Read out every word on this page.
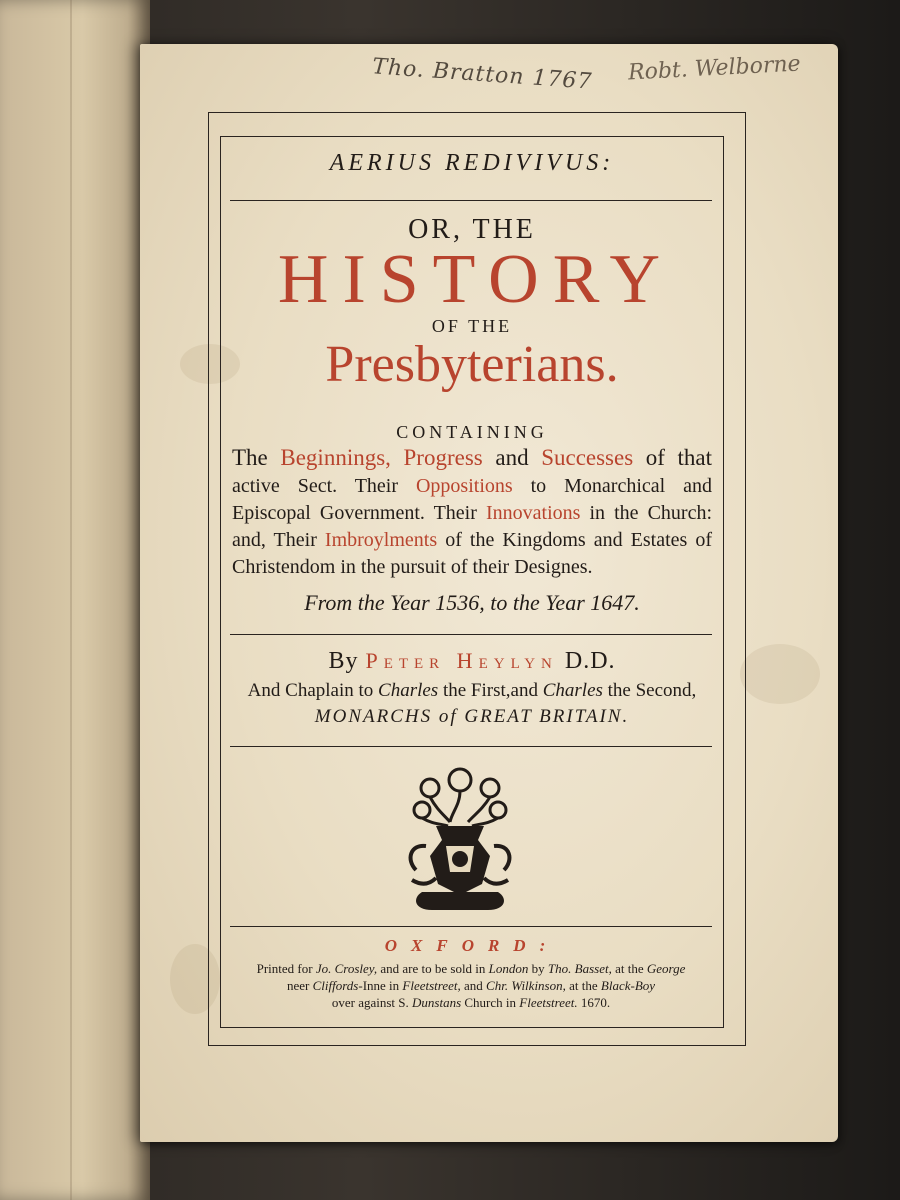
Tho. Bratton 1767 Robt. Welborne
AERIUS REDIVIVUS:
OR, THE
HISTORY
OF THE
Presbyterians.
CONTAINING
The Beginnings, Progress and Successes of that active Sect. Their Oppositions to Monarchical and Episcopal Government. Their Innovations in the Church: and, Their Imbroylments of the Kingdoms and Estates of Christendom in the pursuit of their Designes.
From the Year 1536, to the Year 1647.
By Peter Heylyn D.D.
And Chaplain to Charles the First,and Charles the Second,
MONARCHS of GREAT BRITAIN.
OXFORD:
Printed for Jo. Crosley, and are to be sold in London by Tho. Basset, at the George
neer Cliffords-Inne in Fleetstreet, and Chr. Wilkinson, at the Black-Boy
over against S. Dunstans Church in Fleetstreet. 1670.
